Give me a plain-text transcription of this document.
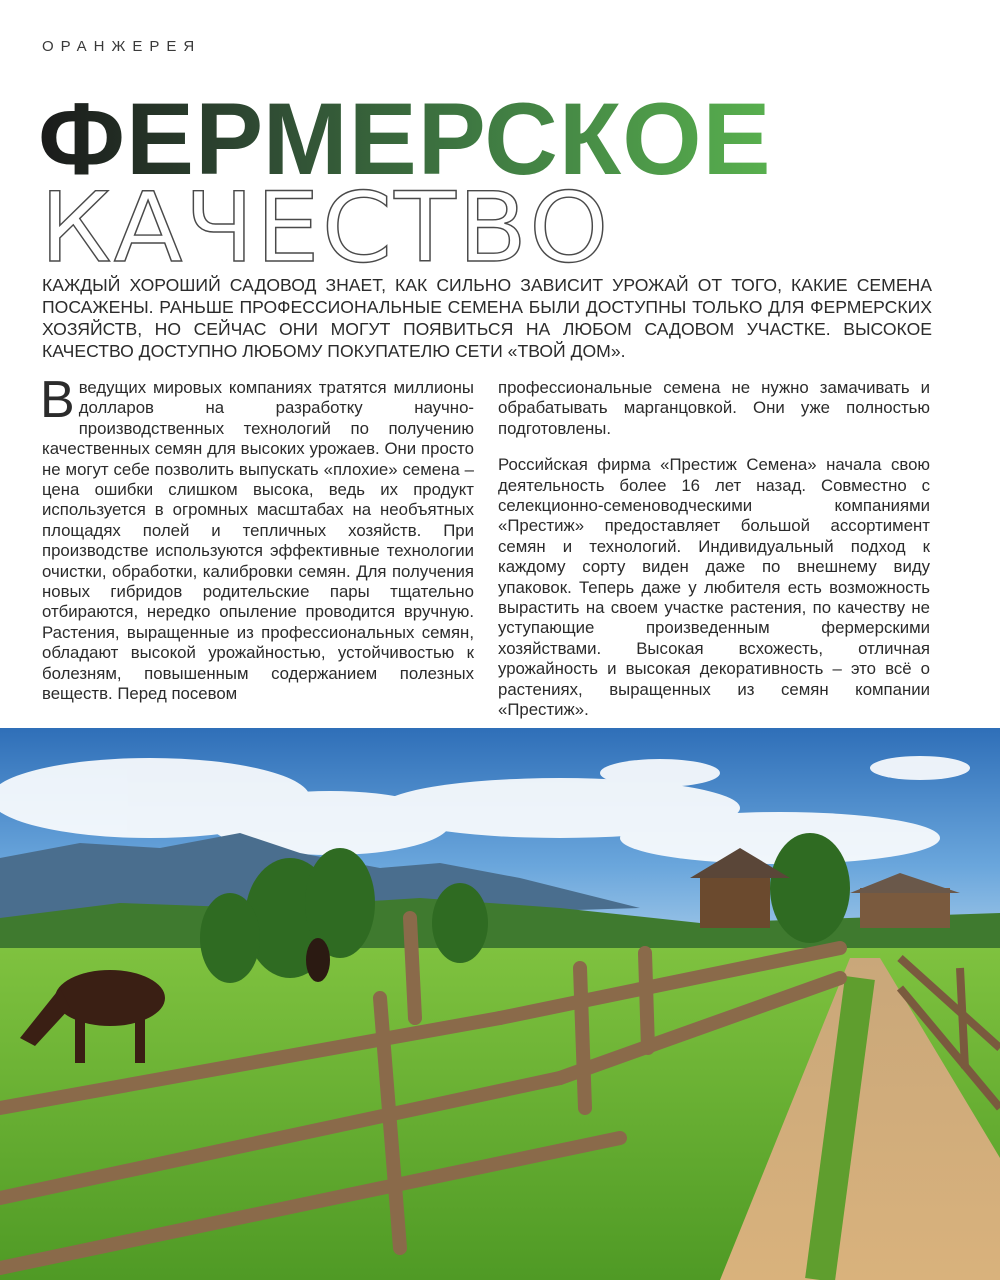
ОРАНЖЕРЕЯ
ФЕРМЕРСКОЕ
КАЧЕСТВО
КАЖДЫЙ ХОРОШИЙ САДОВОД ЗНАЕТ, КАК СИЛЬНО ЗАВИСИТ УРОЖАЙ ОТ ТОГО, КАКИЕ СЕМЕНА ПОСАЖЕНЫ. РАНЬШЕ ПРОФЕССИОНАЛЬНЫЕ СЕМЕНА БЫЛИ ДОСТУПНЫ ТОЛЬКО ДЛЯ ФЕРМЕРСКИХ ХОЗЯЙСТВ, НО СЕЙЧАС ОНИ МОГУТ ПОЯВИТЬСЯ НА ЛЮБОМ САДОВОМ УЧАСТКЕ. ВЫСОКОЕ КАЧЕСТВО ДОСТУПНО ЛЮБОМУ ПОКУПАТЕЛЮ СЕТИ «ТВОЙ ДОМ».

В ведущих мировых компаниях тратятся миллионы долларов на разработку научно-производственных технологий по получению качественных семян для высоких урожаев. Они просто не могут себе позволить выпускать «плохие» семена – цена ошибки слишком высока, ведь их продукт используется в огромных масштабах на необъятных площадях полей и тепличных хозяйств. При производстве используются эффективные технологии очистки, обработки, калибровки семян. Для получения новых гибридов родительские пары тщательно отбираются, нередко опыление проводится вручную. Растения, выращенные из профессиональных семян, обладают высокой урожайностью, устойчивостью к болезням, повышенным содержанием полезных веществ. Перед посевом

профессиональные семена не нужно замачивать и обрабатывать марганцовкой. Они уже полностью подготовлены.

Российская фирма «Престиж Семена» начала свою деятельность более 16 лет назад. Совместно с селекционно-семеноводческими компаниями «Престиж» предоставляет большой ассортимент семян и технологий. Индивидуальный подход к каждому сорту виден даже по внешнему виду упаковок. Теперь даже у любителя есть возможность вырастить на своем участке растения, по качеству не уступающие произведенным фермерскими хозяйствами. Высокая всхожесть, отличная урожайность и высокая декоративность – это всё о растениях, выращенных из семян компании «Престиж».
